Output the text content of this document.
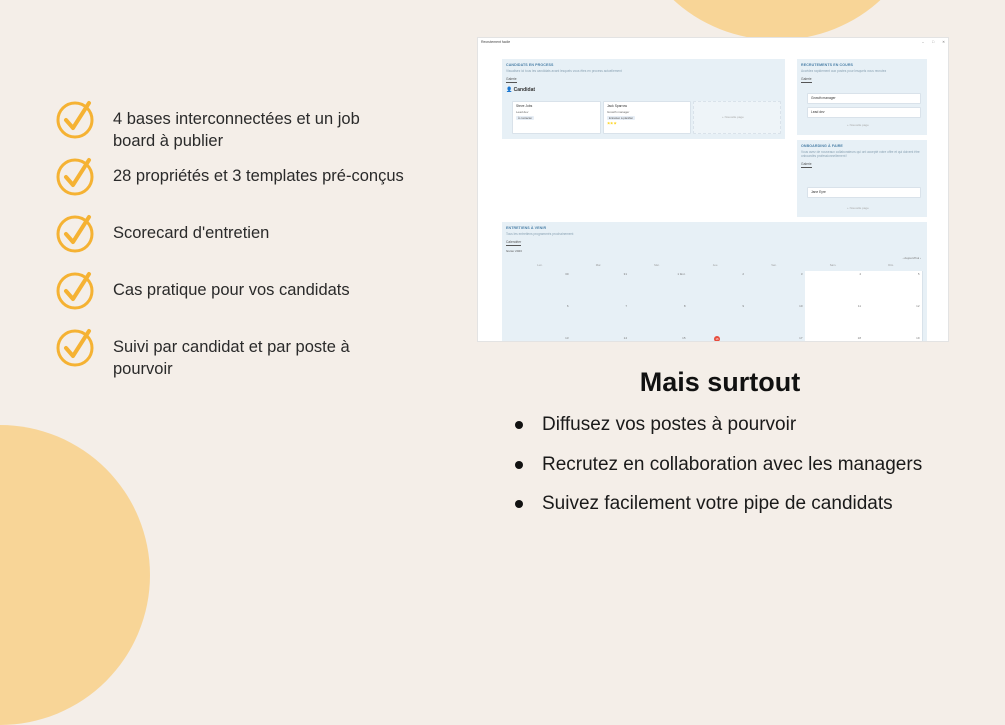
4 bases interconnectées et un job board à publier
28 propriétés et 3 templates pré-conçus
Scorecard d'entretien
Cas pratique pour vos candidats
Suivi par candidat et par poste à pourvoir
Recrutement facile	– □ ✕
CANDIDATS EN PROCESS
Visualisez ici tous les candidats avant lesquels vous êtes en process actuellement
Galerie
👤 Candidat
Steve Jobs
Lead dev
À contacter
Jack Sparrow
Growth manager
Entretien à planifier
⭐⭐⭐
+ Nouvelle page
RECRUTEMENTS EN COURS
Accédez rapidement aux postes pour lesquels vous recrutez
Galerie
Growth manager
Lead dev
+ Nouvelle page
ONBOARDING À FAIRE
Vous avez de nouveaux collaborateurs qui ont accepté votre offre et qui doivent être onboardés professionnellement !
Galerie
Jane Eyre
+ Nouvelle page
ENTRETIENS À VENIR
Tous les entretiens programmés prochainement
Calendrier
février 2023
‹ Aujourd'hui ›
Lun.	Mar.	Mer.	Jeu.	Ven.	Sam.	Dim.
30	31	1 févr.	2	3	4	5
6	7	8	9	10	11	12
13	14	15	16	17	18	19
Mais surtout
Diffusez vos postes à pourvoir
Recrutez en collaboration avec les managers
Suivez facilement votre pipe de candidats
